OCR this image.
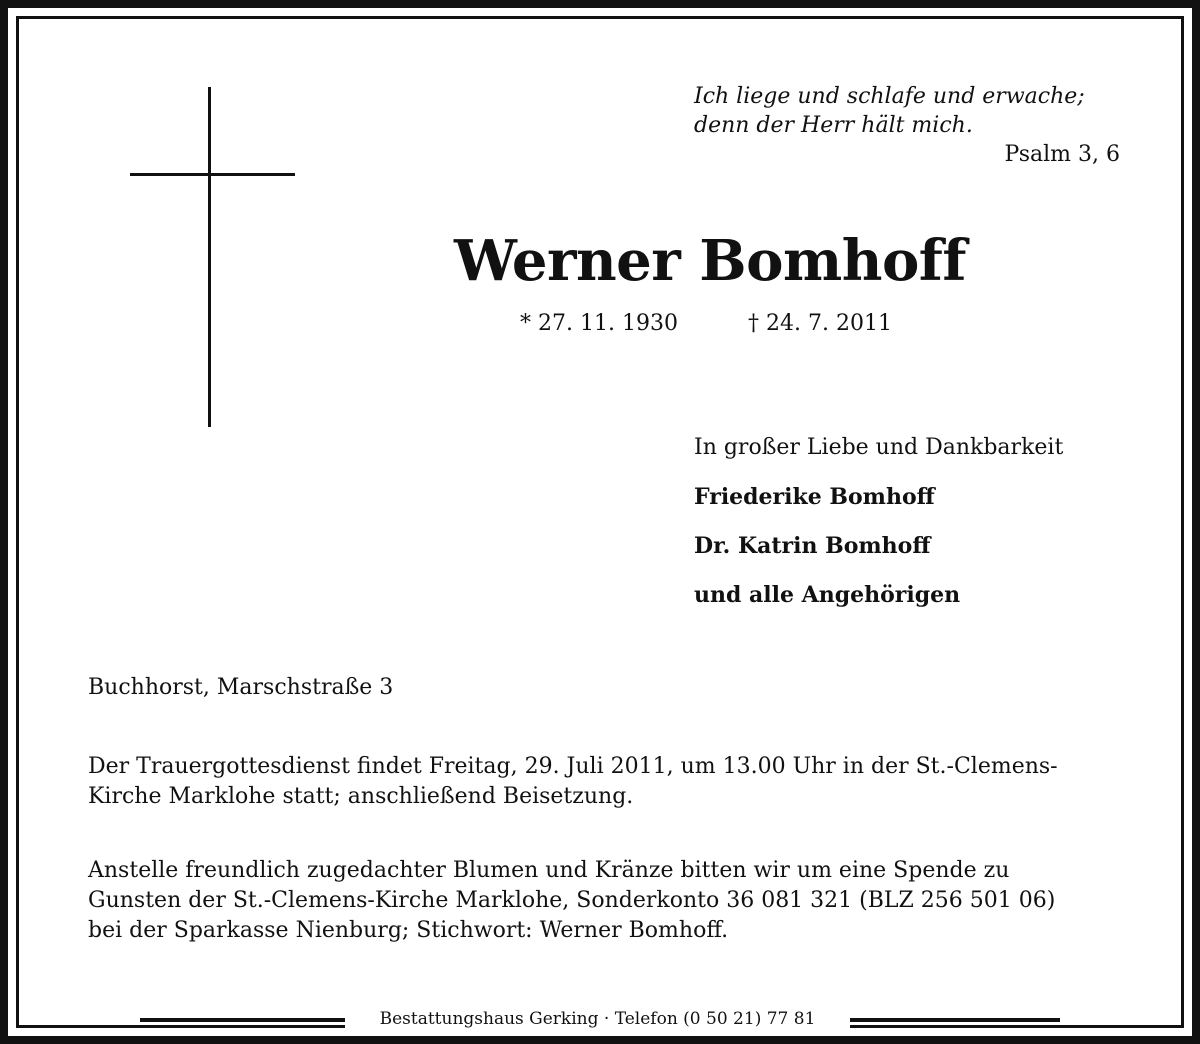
Ich liege und schlafe und erwache;
denn der Herr hält mich.
Psalm 3, 6
Werner Bomhoff
* 27. 11. 1930	† 24. 7. 2011
In großer Liebe und Dankbarkeit
Friederike Bomhoff
Dr. Katrin Bomhoff
und alle Angehörigen
Buchhorst, Marschstraße 3
Der Trauergottesdienst findet Freitag, 29. Juli 2011, um 13.00 Uhr in der St.-Clemens-
Kirche Marklohe statt; anschließend Beisetzung.
Anstelle freundlich zugedachter Blumen und Kränze bitten wir um eine Spende zu
Gunsten der St.-Clemens-Kirche Marklohe, Sonderkonto 36 081 321 (BLZ 256 501 06)
bei der Sparkasse Nienburg; Stichwort: Werner Bomhoff.
Bestattungshaus Gerking · Telefon (0 50 21) 77 81
